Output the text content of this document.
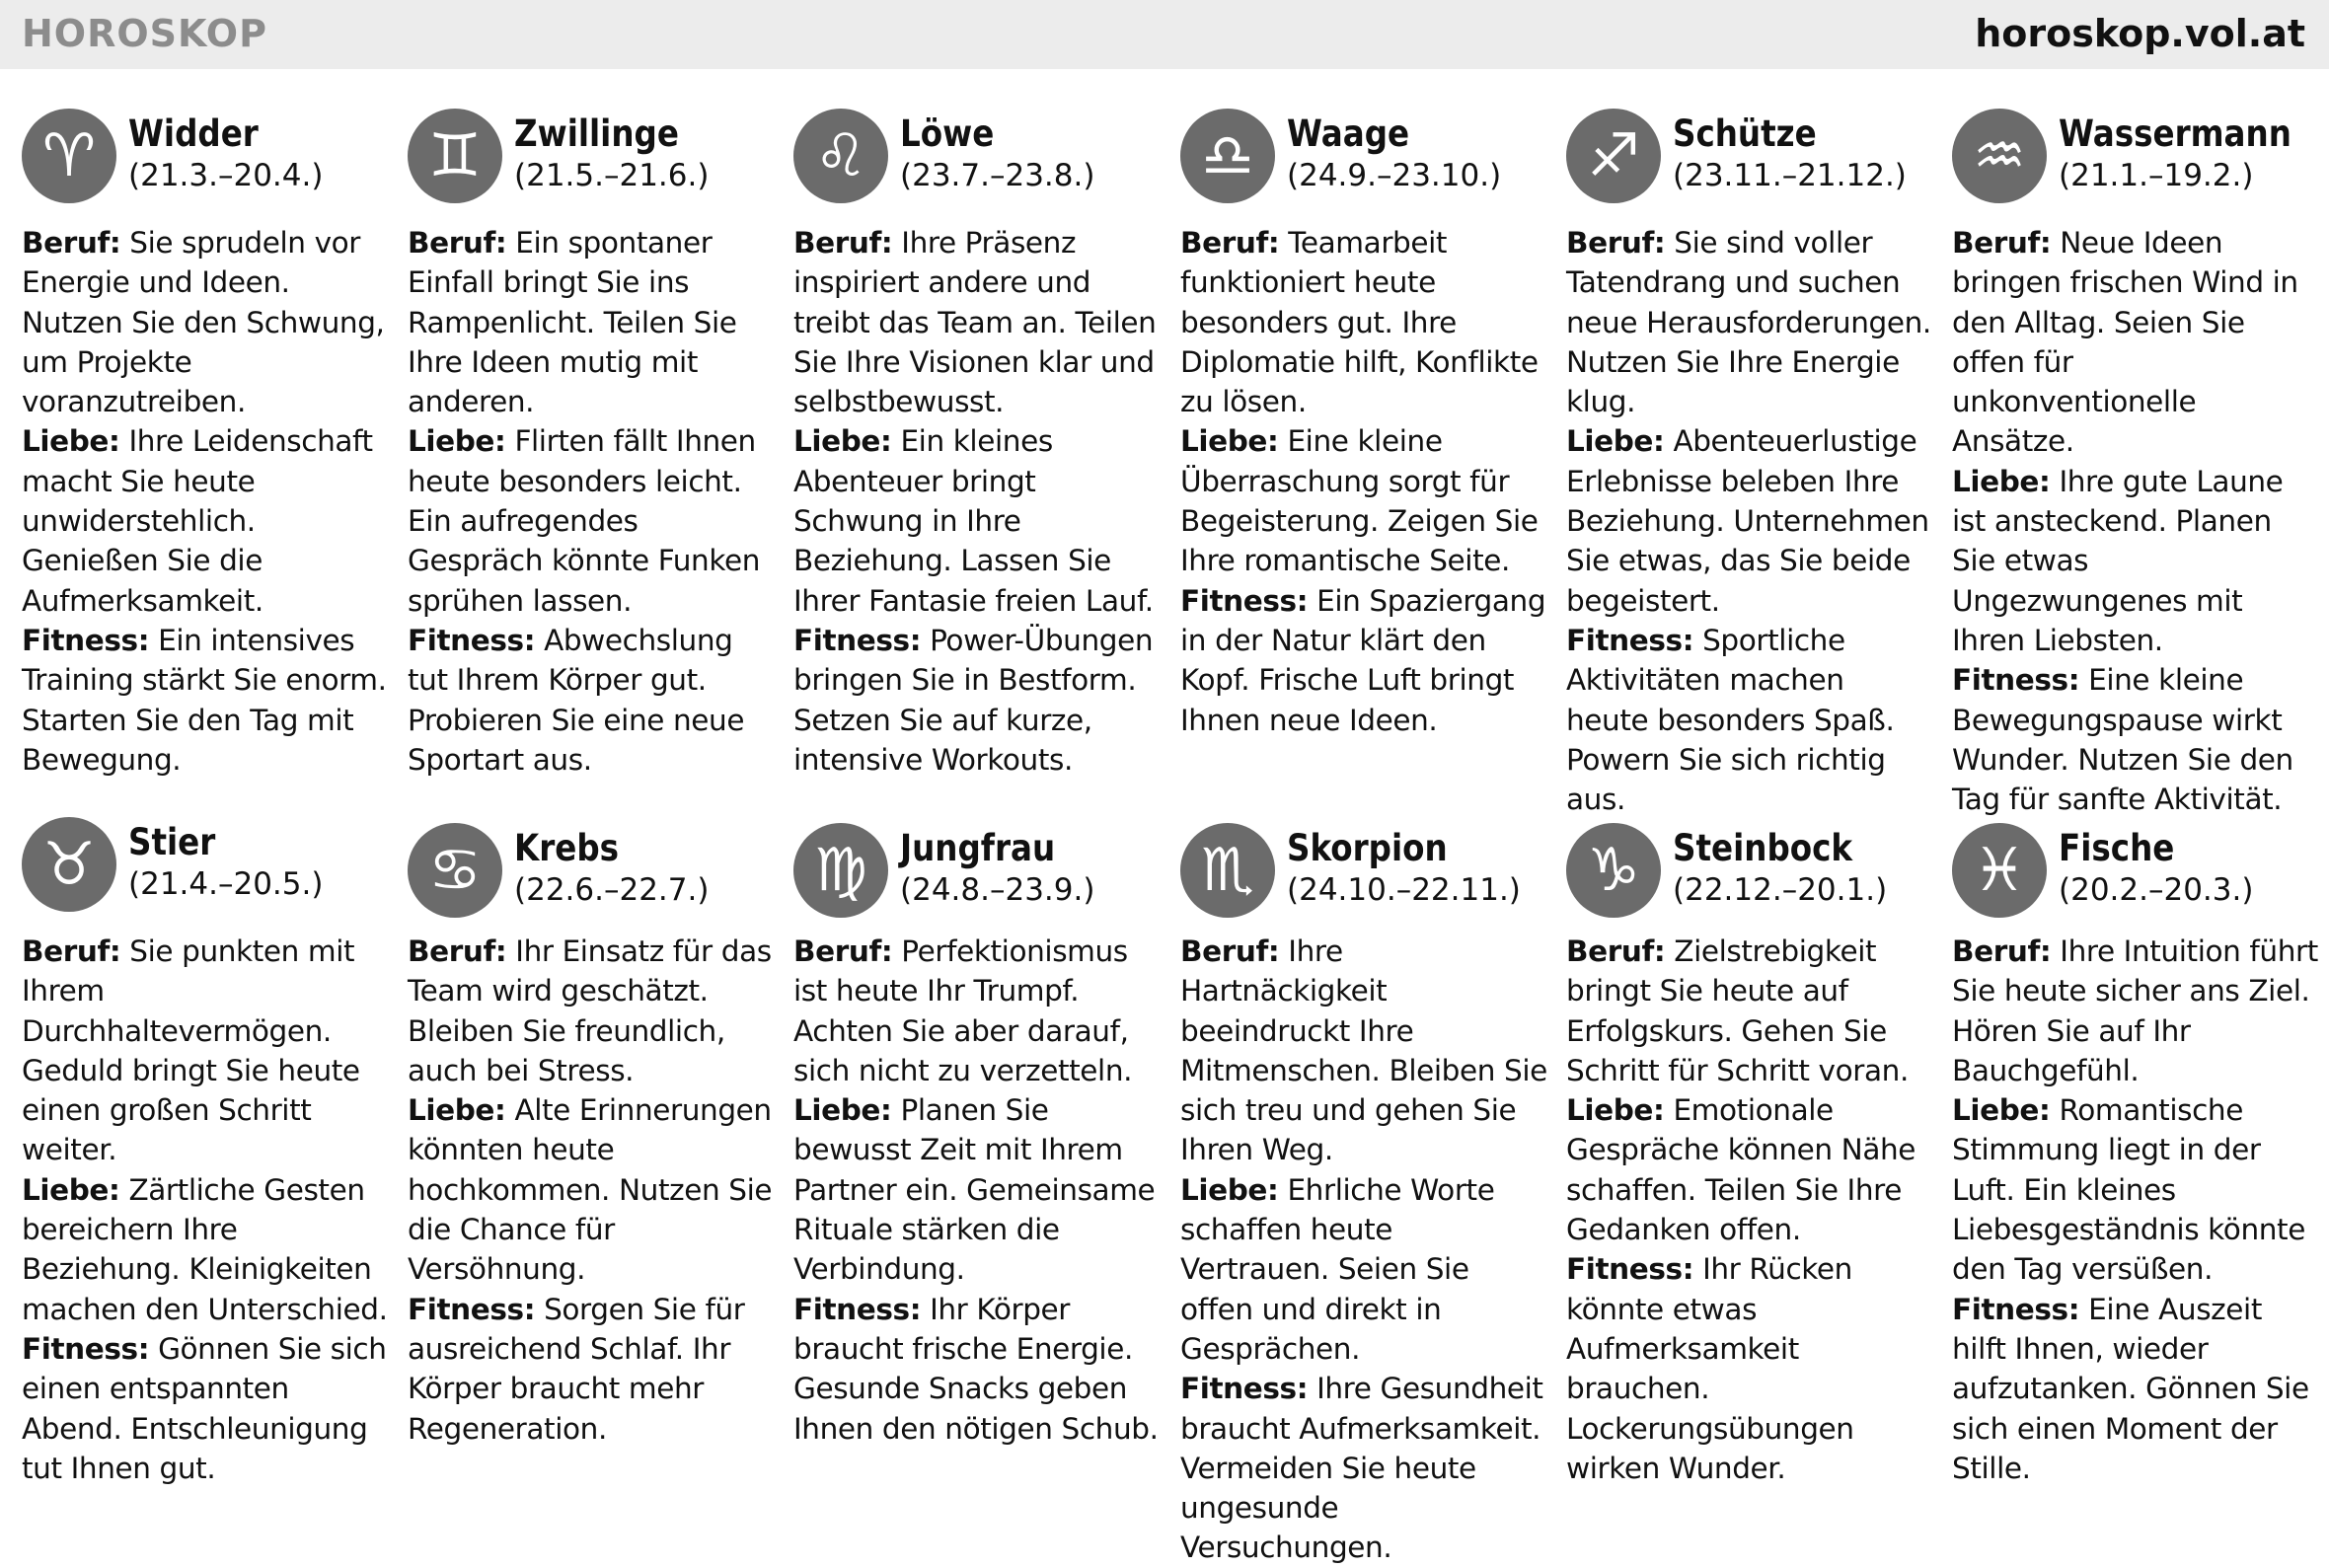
HOROSKOP	horoskop.vol.at
♈ Widder
(21.3.–20.4.)
Beruf: Sie sprudeln vor Energie und Ideen. Nutzen Sie den Schwung, um Projekte voranzutreiben.
Liebe: Ihre Leidenschaft macht Sie heute unwiderstehlich. Genießen Sie die Aufmerksamkeit.
Fitness: Ein intensives Training stärkt Sie enorm. Starten Sie den Tag mit Bewegung.
♊ Zwillinge
(21.5.–21.6.)
Beruf: Ein spontaner Einfall bringt Sie ins Rampenlicht. Teilen Sie Ihre Ideen mutig mit anderen.
Liebe: Flirten fällt Ihnen heute besonders leicht. Ein aufregendes Gespräch könnte Funken sprühen lassen.
Fitness: Abwechslung tut Ihrem Körper gut. Probieren Sie eine neue Sportart aus.
♌ Löwe
(23.7.–23.8.)
Beruf: Ihre Präsenz inspiriert andere und treibt das Team an. Teilen Sie Ihre Visionen klar und selbstbewusst.
Liebe: Ein kleines Abenteuer bringt Schwung in Ihre Beziehung. Lassen Sie Ihrer Fantasie freien Lauf.
Fitness: Power-Übungen bringen Sie in Bestform. Setzen Sie auf kurze, intensive Workouts.
♎ Waage
(24.9.–23.10.)
Beruf: Teamarbeit funktioniert heute besonders gut. Ihre Diplomatie hilft, Konflikte zu lösen.
Liebe: Eine kleine Überraschung sorgt für Begeisterung. Zeigen Sie Ihre romantische Seite.
Fitness: Ein Spaziergang in der Natur klärt den Kopf. Frische Luft bringt Ihnen neue Ideen.
♐ Schütze
(23.11.–21.12.)
Beruf: Sie sind voller Tatendrang und suchen neue Herausforderungen. Nutzen Sie Ihre Energie klug.
Liebe: Abenteuerlustige Erlebnisse beleben Ihre Beziehung. Unternehmen Sie etwas, das Sie beide begeistert.
Fitness: Sportliche Aktivitäten machen heute besonders Spaß. Powern Sie sich richtig aus.
♒ Wassermann
(21.1.–19.2.)
Beruf: Neue Ideen bringen frischen Wind in den Alltag. Seien Sie offen für unkonventionelle Ansätze.
Liebe: Ihre gute Laune ist ansteckend. Planen Sie etwas Ungezwungenes mit Ihren Liebsten.
Fitness: Eine kleine Bewegungspause wirkt Wunder. Nutzen Sie den Tag für sanfte Aktivität.
♉ Stier
(21.4.–20.5.)
Beruf: Sie punkten mit Ihrem Durchhaltevermögen. Geduld bringt Sie heute einen großen Schritt weiter.
Liebe: Zärtliche Gesten bereichern Ihre Beziehung. Kleinigkeiten machen den Unterschied.
Fitness: Gönnen Sie sich einen entspannten Abend. Entschleunigung tut Ihnen gut.
♋ Krebs
(22.6.–22.7.)
Beruf: Ihr Einsatz für das Team wird geschätzt. Bleiben Sie freundlich, auch bei Stress.
Liebe: Alte Erinnerungen könnten heute hochkommen. Nutzen Sie die Chance für Versöhnung.
Fitness: Sorgen Sie für ausreichend Schlaf. Ihr Körper braucht mehr Regeneration.
♍ Jungfrau
(24.8.–23.9.)
Beruf: Perfektionismus ist heute Ihr Trumpf. Achten Sie aber darauf, sich nicht zu verzetteln.
Liebe: Planen Sie bewusst Zeit mit Ihrem Partner ein. Gemeinsame Rituale stärken die Verbindung.
Fitness: Ihr Körper braucht frische Energie. Gesunde Snacks geben Ihnen den nötigen Schub.
♏ Skorpion
(24.10.–22.11.)
Beruf: Ihre Hartnäckigkeit beeindruckt Ihre Mitmenschen. Bleiben Sie sich treu und gehen Sie Ihren Weg.
Liebe: Ehrliche Worte schaffen heute Vertrauen. Seien Sie offen und direkt in Gesprächen.
Fitness: Ihre Gesundheit braucht Aufmerksamkeit. Vermeiden Sie heute ungesunde Versuchungen.
♑ Steinbock
(22.12.–20.1.)
Beruf: Zielstrebigkeit bringt Sie heute auf Erfolgskurs. Gehen Sie Schritt für Schritt voran.
Liebe: Emotionale Gespräche können Nähe schaffen. Teilen Sie Ihre Gedanken offen.
Fitness: Ihr Rücken könnte etwas Aufmerksamkeit brauchen. Lockerungsübungen wirken Wunder.
♓ Fische
(20.2.–20.3.)
Beruf: Ihre Intuition führt Sie heute sicher ans Ziel. Hören Sie auf Ihr Bauchgefühl.
Liebe: Romantische Stimmung liegt in der Luft. Ein kleines Liebesgeständnis könnte den Tag versüßen.
Fitness: Eine Auszeit hilft Ihnen, wieder aufzutanken. Gönnen Sie sich einen Moment der Stille.
